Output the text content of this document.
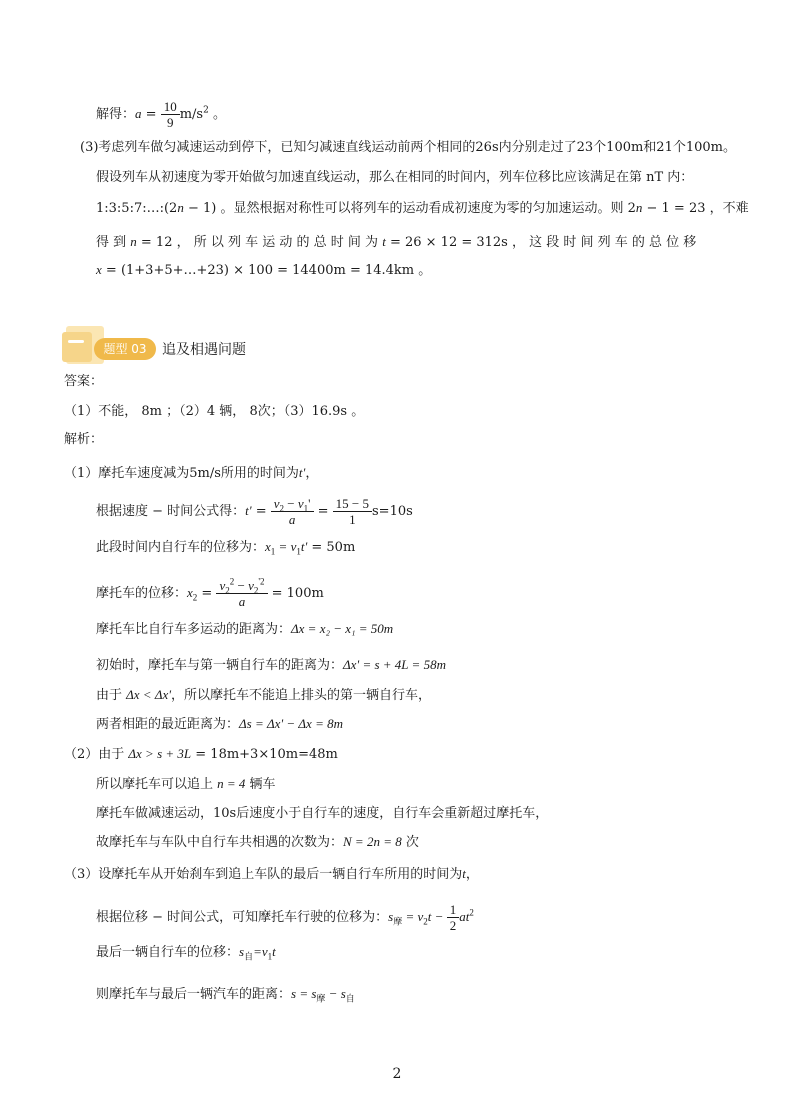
解得：$a = \frac{10}{9} m/s^2$ 。
(3)考虑列车做匀减速运动到停下，已知匀减速直线运动前两个相同的26s内分别走过了23个100m和21个100m。
假设列车从初速度为零开始做匀加速直线运动，那么在相同的时间内，列车位移比应该满足在第 nT 内：
1:3:5:7:…:(2n − 1) 。显然根据对称性可以将列车的运动看成初速度为零的匀加速运动。则 2n − 1 = 23 ，不难
得 到 n = 12 ， 所 以 列 车 运 动 的 总 时 间 为 t = 26 × 12 = 312s ， 这 段 时 间 列 车 的 总 位 移
x = (1+3+5+…+23) × 100 = 14400m = 14.4km 。
题型 03	追及相遇问题
答案：
（1）不能， 8m ；（2）4 辆， 8次；（3）16.9s 。
解析：
（1）摩托车速度减为5m/s所用的时间为t'，
根据速度 − 时间公式得：$t' = \frac{v_2 - v_1'}{a} = \frac{15 - 5}{1} s=10s$
此段时间内自行车的位移为：$x_1 = v_1t' = 50m$
摩托车的位移：$x_2 = \frac{v_2^2 - v_2^{'2}}{a} = 100m$
摩托车比自行车多运动的距离为：Δx = x₂ − x₁ = 50m
初始时，摩托车与第一辆自行车的距离为：Δx' = s + 4L = 58m
由于 Δx < Δx'，所以摩托车不能追上排头的第一辆自行车，
两者相距的最近距离为：Δs = Δx' − Δx = 8m
（2）由于 Δx > s + 3L = 18m+3×10m=48m
所以摩托车可以追上 n = 4 辆车
摩托车做减速运动，10s后速度小于自行车的速度，自行车会重新超过摩托车，
故摩托车与车队中自行车共相遇的次数为：N = 2n = 8 次
（3）设摩托车从开始刹车到追上车队的最后一辆自行车所用的时间为t，
根据位移 − 时间公式，可知摩托车行驶的位移为：$s_摩 = v_2t - \frac{1}{2} at^2$
最后一辆自行车的位移：$s_自=v_1t$
则摩托车与最后一辆汽车的距离：$s = s_摩 - s_自$
2
